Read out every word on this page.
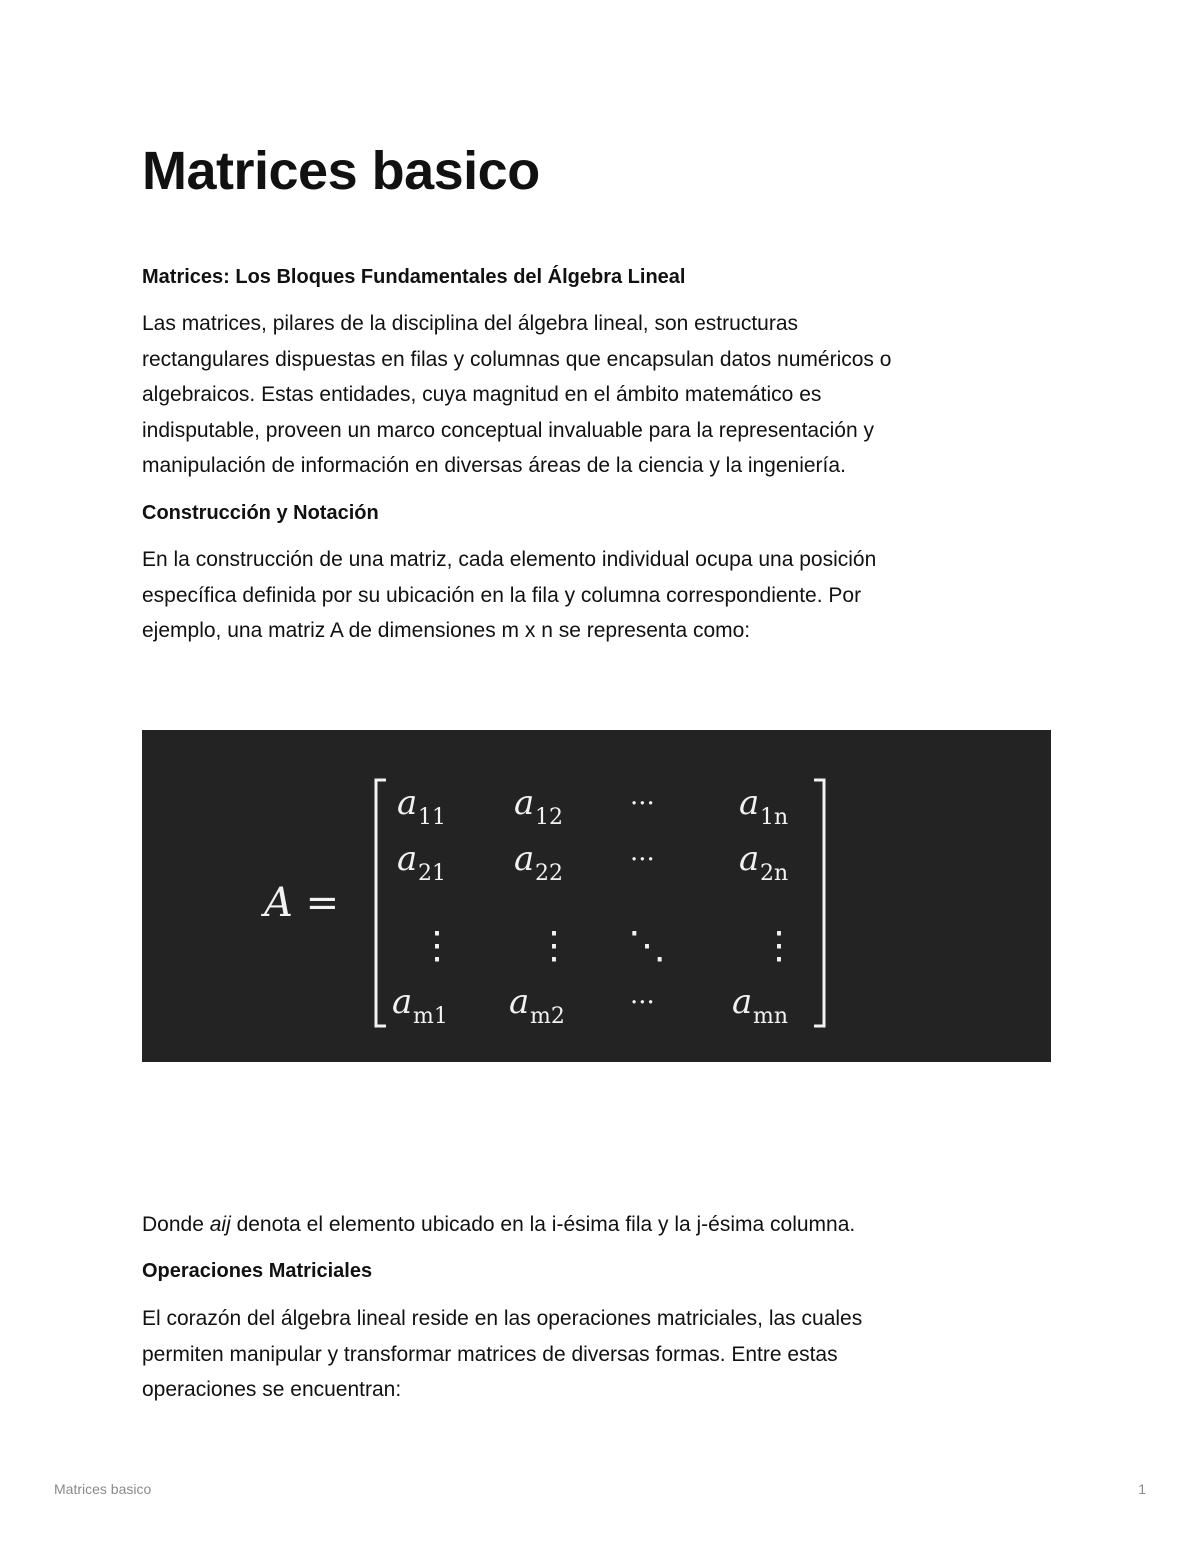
Matrices basico
Matrices: Los Bloques Fundamentales del Álgebra Lineal

Las matrices, pilares de la disciplina del álgebra lineal, son estructuras
rectangulares dispuestas en filas y columnas que encapsulan datos numéricos o
algebraicos. Estas entidades, cuya magnitud en el ámbito matemático es
indisputable, proveen un marco conceptual invaluable para la representación y
manipulación de información en diversas áreas de la ciencia y la ingeniería.

Construcción y Notación

En la construcción de una matriz, cada elemento individual ocupa una posición
específica definida por su ubicación en la fila y columna correspondiente. Por
ejemplo, una matriz A de dimensiones m x n se representa como:

Donde aij denota el elemento ubicado en la i-ésima fila y la j-ésima columna.

Operaciones Matriciales

El corazón del álgebra lineal reside en las operaciones matriciales, las cuales
permiten manipular y transformar matrices de diversas formas. Entre estas
operaciones se encuentran:

A =
a 11 a 12	··· a 1n
a 21 a 22	··· a 2n
⋮ ⋮ ⋱ ⋮
a m1 a m2	··· a mn
Matrices basico	1
